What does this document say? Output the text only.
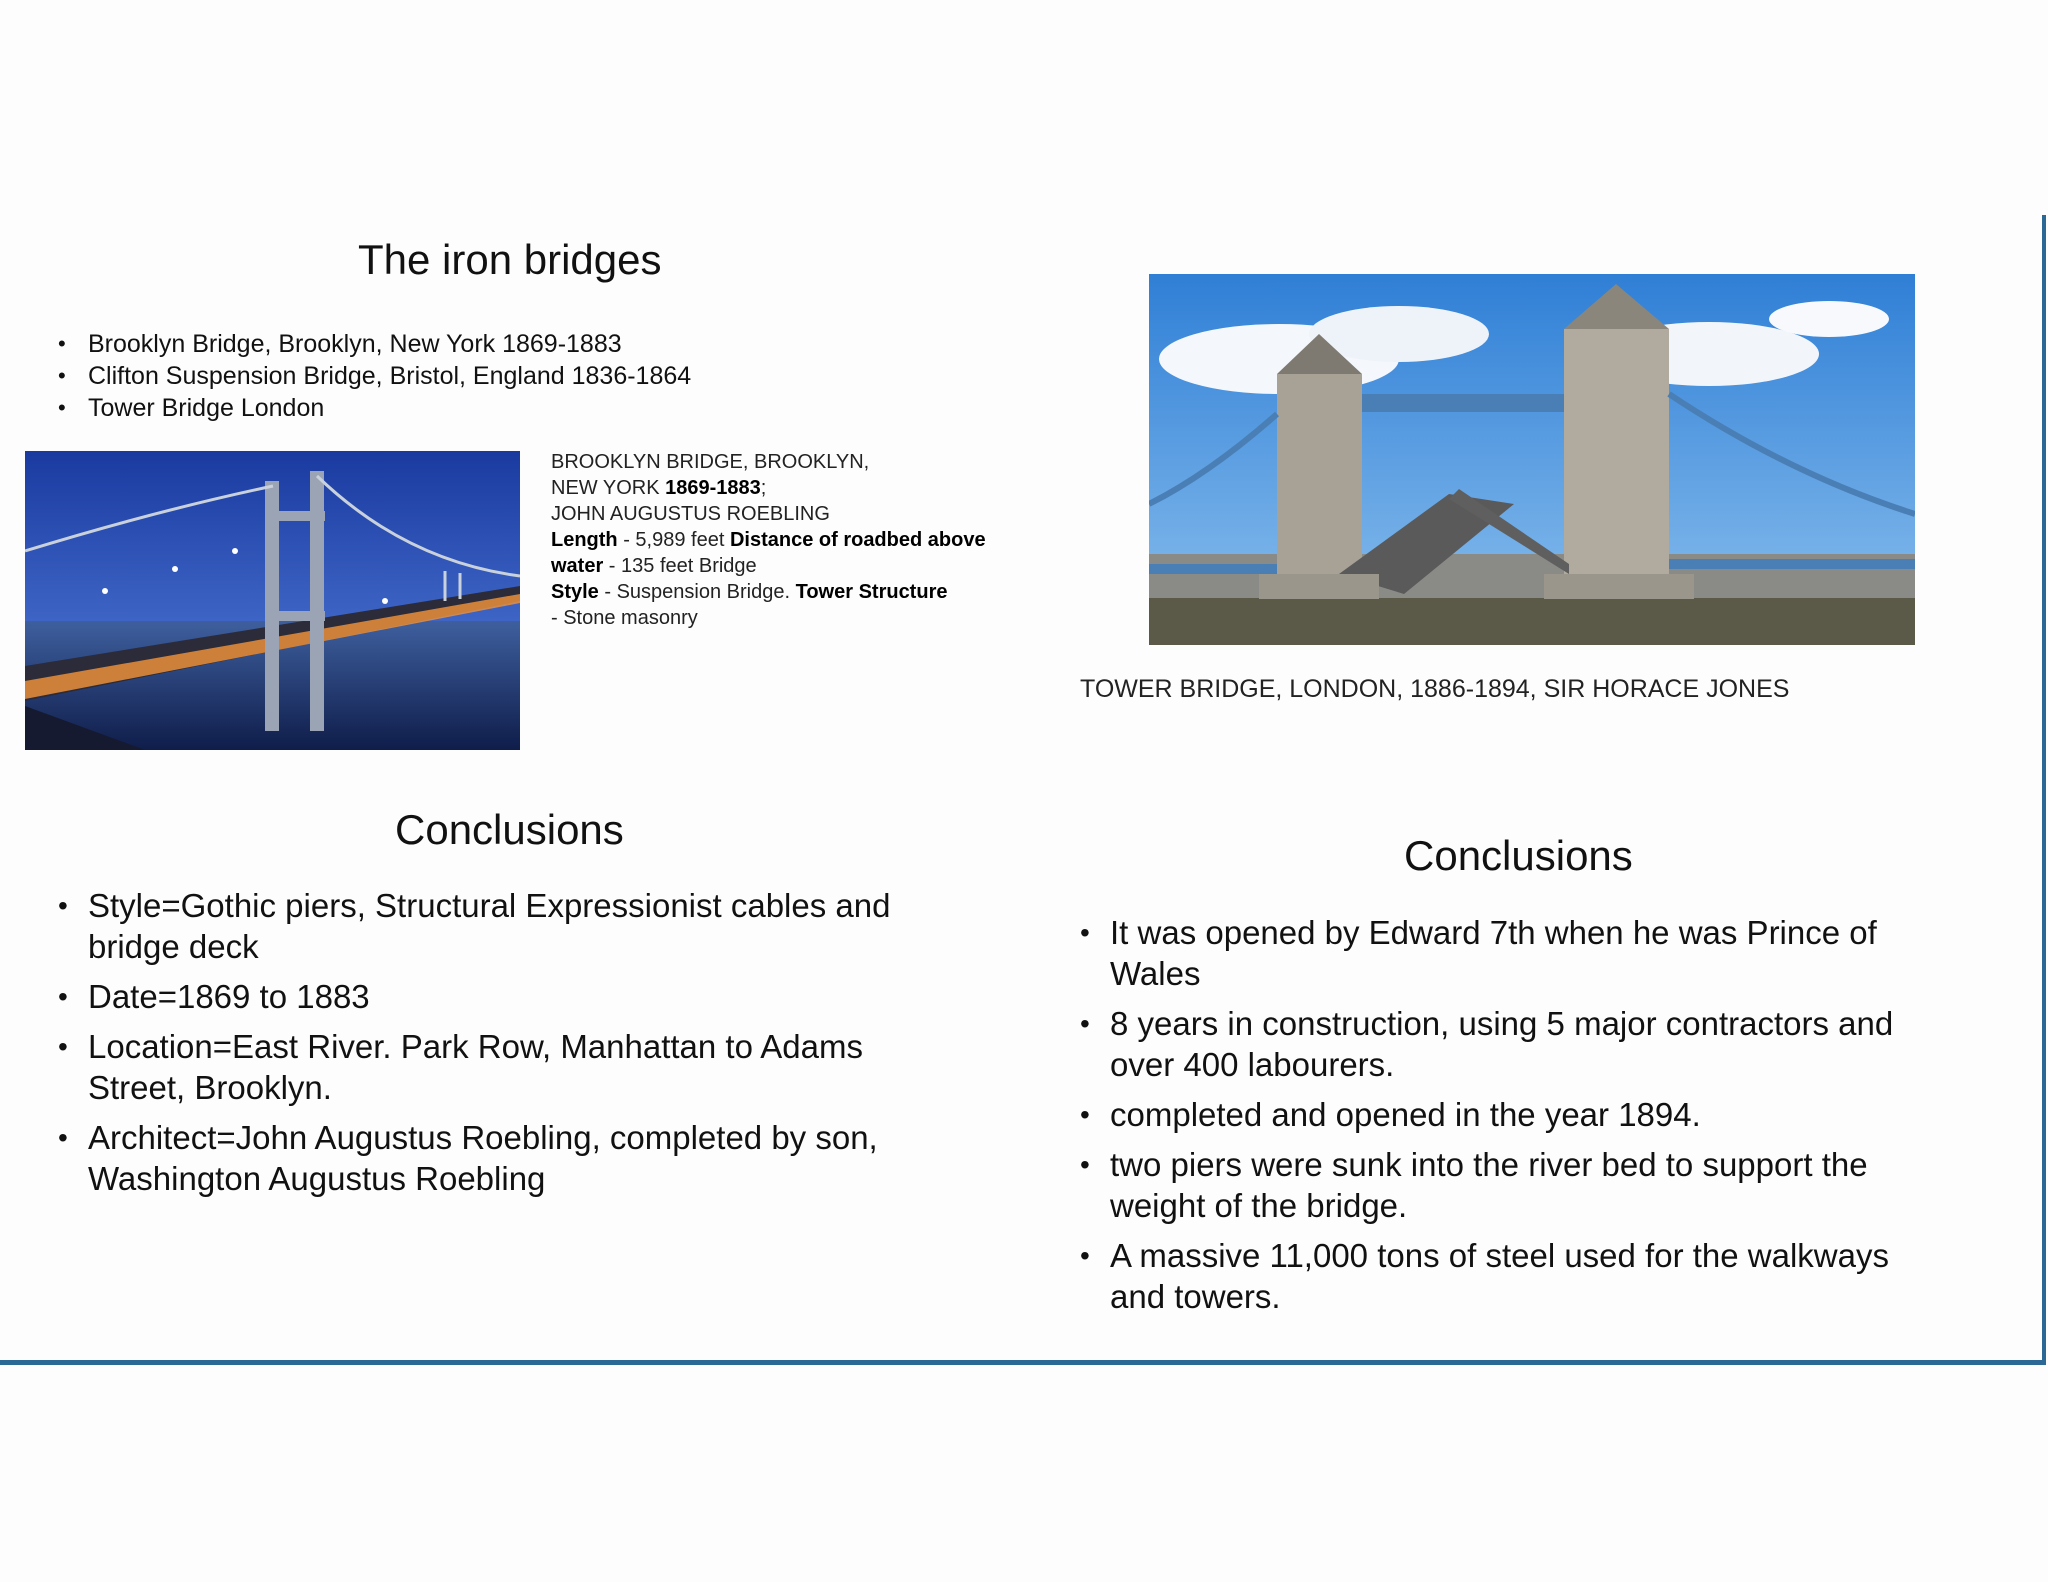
The iron bridges
• Brooklyn Bridge, Brooklyn, New York 1869-1883
• Clifton Suspension Bridge, Bristol, England 1836-1864
• Tower Bridge London
BROOKLYN BRIDGE, BROOKLYN,
NEW YORK 1869-1883;
JOHN AUGUSTUS ROEBLING
Length - 5,989 feet Distance of roadbed above water - 135 feet Bridge
Style - Suspension Bridge. Tower Structure
- Stone masonry
TOWER BRIDGE, LONDON, 1886-1894, SIR HORACE JONES
Conclusions
• Style=Gothic piers, Structural Expressionist cables and bridge deck
• Date=1869 to 1883
• Location=East River. Park Row, Manhattan to Adams Street, Brooklyn.
• Architect=John Augustus Roebling, completed by son, Washington Augustus Roebling
Conclusions
• It was opened by Edward 7th when he was Prince of Wales
• 8 years in construction, using 5 major contractors and over 400 labourers.
• completed and opened in the year 1894.
• two piers were sunk into the river bed to support the weight of the bridge.
• A massive 11,000 tons of steel used for the walkways and towers.
